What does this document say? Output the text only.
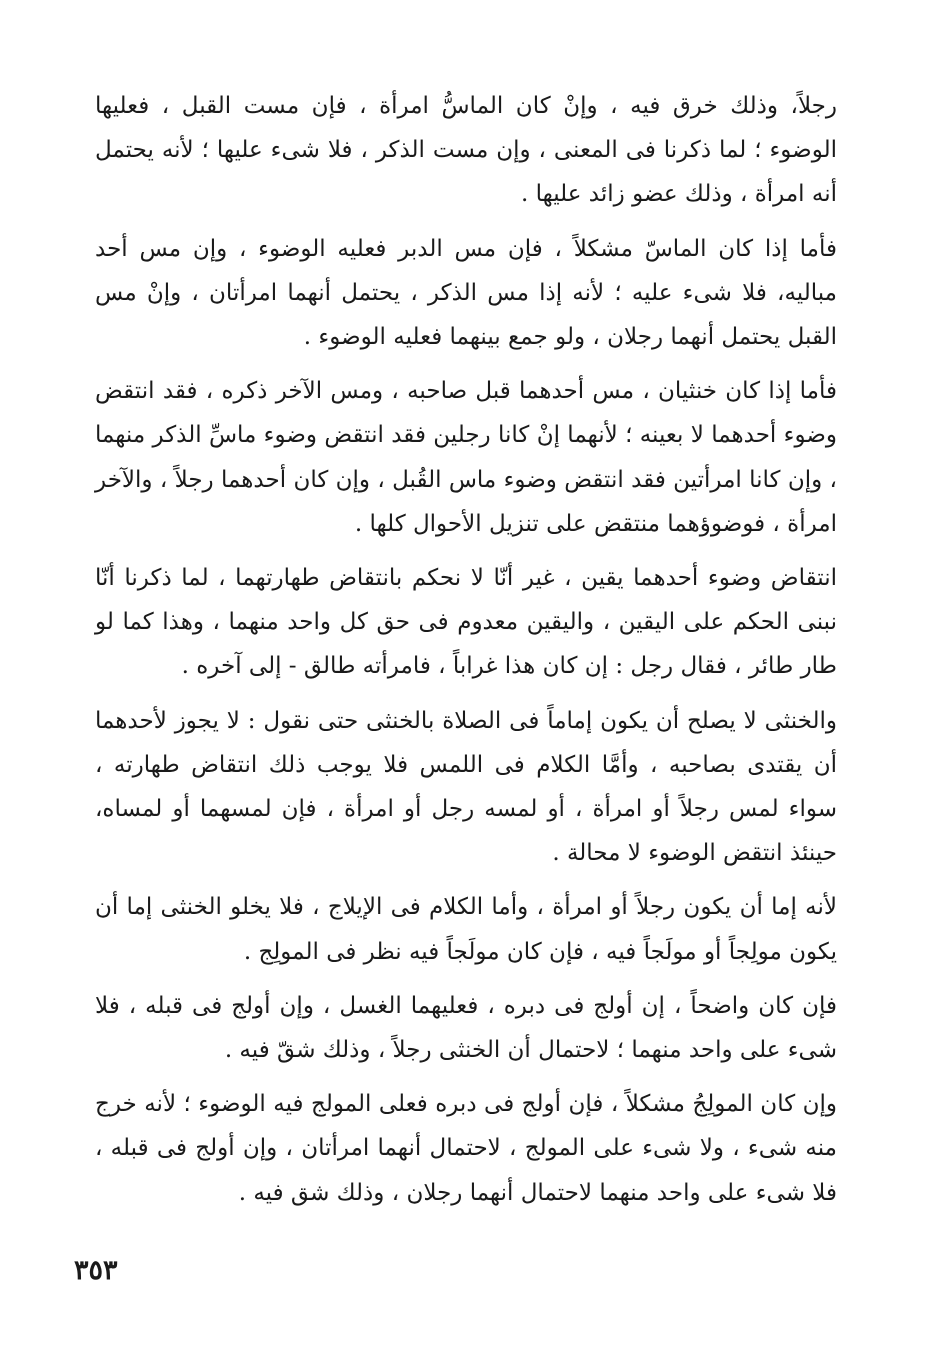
رجلاً، وذلك خرق فيه ، وإنْ كان الماسُّ امرأة ، فإن مست القبل ، فعليها الوضوء ؛ لما ذكرنا فى المعنى ، وإن مست الذكر ، فلا شىء عليها ؛ لأنه يحتمل أنه امرأة ، وذلك عضو زائد عليها .

فأما إذا كان الماسّ مشكلاً ، فإن مس الدبر فعليه الوضوء ، وإن مس أحد مباليه، فلا شىء عليه ؛ لأنه إذا مس الذكر ، يحتمل أنهما امرأتان ، وإنْ مس القبل يحتمل أنهما رجلان ، ولو جمع بينهما فعليه الوضوء .

فأما إذا كان خنثيان ، مس أحدهما قبل صاحبه ، ومس الآخر ذكره ، فقد انتقض وضوء أحدهما لا بعينه ؛ لأنهما إنْ كانا رجلين فقد انتقض وضوء ماسِّ الذكر منهما ، وإن كانا امرأتين فقد انتقض وضوء ماس القُبل ، وإن كان أحدهما رجلاً ، والآخر امرأة ، فوضوؤهما منتقض على تنزيل الأحوال كلها .

انتقاض وضوء أحدهما يقين ، غير أنّا لا نحكم بانتقاض طهارتهما ، لما ذكرنا أنّا نبنى الحكم على اليقين ، واليقين معدوم فى حق كل واحد منهما ، وهذا كما لو طار طائر ، فقال رجل : إن كان هذا غراباً ، فامرأته طالق - إلى آخره .

والخنثى لا يصلح أن يكون إماماً فى الصلاة بالخنثى حتى نقول : لا يجوز لأحدهما أن يقتدى بصاحبه ، وأمَّا الكلام فى اللمس فلا يوجب ذلك انتقاض طهارته ، سواء لمس رجلاً أو امرأة ، أو لمسه رجل أو امرأة ، فإن لمسهما أو لمساه، حينئذ انتقض الوضوء لا محالة .

لأنه إما أن يكون رجلاً أو امرأة ، وأما الكلام فى الإيلاج ، فلا يخلو الخنثى إما أن يكون مولِجاً أو مولَجاً فيه ، فإن كان مولَجاً فيه نظر فى المولِج .

فإن كان واضحاً ، إن أولج فى دبره ، فعليهما الغسل ، وإن أولج فى قبله ، فلا شىء على واحد منهما ؛ لاحتمال أن الخنثى رجلاً ، وذلك شقّ فيه .

وإن كان المولِجُ مشكلاً ، فإن أولج فى دبره فعلى المولج فيه الوضوء ؛ لأنه خرج منه شىء ، ولا شىء على المولج ، لاحتمال أنهما امرأتان ، وإن أولج فى قبله ، فلا شىء على واحد منهما لاحتمال أنهما رجلان ، وذلك شق فيه .

٣٥٣
